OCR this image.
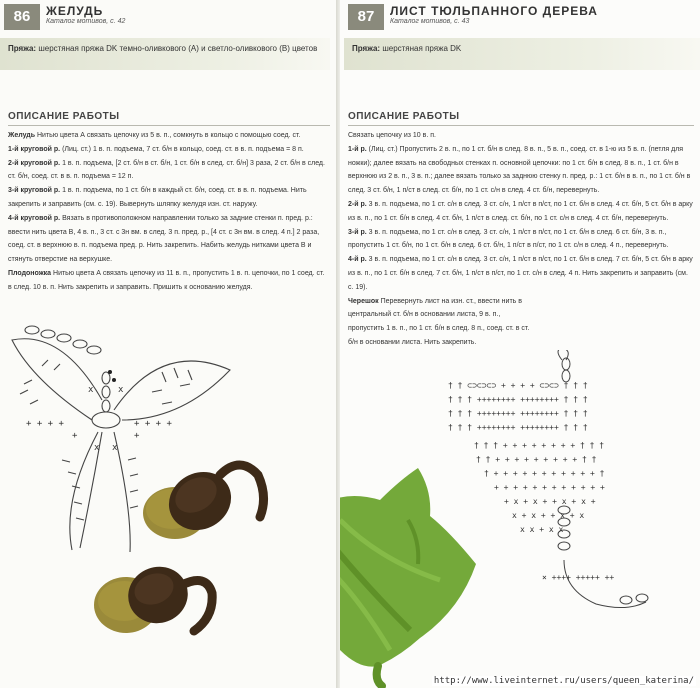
86	ЖЕЛУДЬ
Каталог мотивов, с. 42
Пряжа: шерстяная пряжа DK темно-оливкового (А) и светло-оливкового (В) цветов
ОПИСАНИЕ РАБОТЫ

Желудь Нитью цвета А связать цепочку из 5 в. п., сомкнуть в кольцо с помощью соед. ст.

1-й круговой р. (Лиц. ст.) 1 в. п. подъема, 7 ст. б/н в кольцо, соед. ст. в в. п. подъема = 8 п.

2-й круговой р. 1 в. п. подъема, [2 ст. б/н в ст. б/н, 1 ст. б/н в след. ст. б/н] 3 раза, 2 ст. б/н в след. ст. б/н, соед. ст. в в. п. подъема = 12 п.

3-й круговой р. 1 в. п. подъема, по 1 ст. б/н в каждый ст. б/н, соед. ст. в в. п. подъема. Нить закрепить и заправить (см. с. 19). Вывернуть шляпку желудя изн. ст. наружу.

4-й круговой р. Вязать в противоположном направлении только за задние стенки п. пред. р.: ввести нить цвета В, 4 в. п., 3 ст. с 3н вм. в след. 3 п. пред. р., [4 ст. с 3н вм. в след. 4 п.] 2 раза, соед. ст. в верхнюю в. п. подъема пред. р. Нить закрепить. Набить желудь нитками цвета В и стянуть отверстие на верхушке.

Плодоножка Нитью цвета А связать цепочку из 11 в. п., пропустить 1 в. п. цепочки, по 1 соед. ст. в след. 10 в. п. Нить закрепить и заправить. Пришить к основанию желудя.

+ + + +	+ + + +
x	x
x x
+	+
87	ЛИСТ ТЮЛЬПАННОГО ДЕРЕВА
Каталог мотивов, с. 43
Пряжа: шерстяная пряжа DK
ОПИСАНИЕ РАБОТЫ

Связать цепочку из 10 в. п.

1-й р. (Лиц. ст.) Пропустить 2 в. п., по 1 ст. б/н в след. 8 в. п., 5 в. п., соед. ст. в 1-ю из 5 в. п. (петля для ножки); далее вязать на свободных стенках п. основной цепочки: по 1 ст. б/н в след. 8 в. п., 1 ст. б/н в верхнюю из 2 в. п., 3 в. п.; далее вязать только за заднюю стенку п. пред. р.: 1 ст. б/н в в. п., по 1 ст. б/н в след. 3 ст. б/н, 1 п/ст в след. ст. б/н, по 1 ст. с/н в след. 4 ст. б/н, перевернуть.

2-й р. 3 в. п. подъема, по 1 ст. с/н в след. 3 ст. с/н, 1 п/ст в п/ст, по 1 ст. б/н в след. 4 ст. б/н, 5 ст. б/н в арку из в. п., по 1 ст. б/н в след. 4 ст. б/н, 1 п/ст в след. ст. б/н, по 1 ст. с/н в след. 4 ст. б/н, перевернуть.

3-й р. 3 в. п. подъема, по 1 ст. с/н в след. 3 ст. с/н, 1 п/ст в п/ст, по 1 ст. б/н в след. 6 ст. б/н, 3 в. п., пропустить 1 ст. б/н, по 1 ст. б/н в след. 6 ст. б/н, 1 п/ст в п/ст, по 1 ст. с/н в след. 4 п., перевернуть.

4-й р. 3 в. п. подъема, по 1 ст. с/н в след. 3 ст. с/н, 1 п/ст в п/ст, по 1 ст. б/н в след. 7 ст. б/н, 5 ст. б/н в арку из в. п., по 1 ст. б/н в след. 7 ст. б/н, 1 п/ст в п/ст, по 1 ст. с/н в след. 4 п. Нить закрепить и заправить (см. с. 19).

Черешок Перевернуть лист на изн. ст., ввести нить в центральный ст. б/н в основании листа, 9 в. п., пропустить 1 в. п., по 1 ст. б/н в след. 8 п., соед. ст. в ст. б/н в основании листа. Нить закрепить.

† † ⊂⊃⊂⊃⊂⊃ + + + + ⊂⊃⊂⊃ † † †
† † † ++++++++ ++++++++ † † †
† † † ++++++++ ++++++++ † † †
† † † ++++++++ ++++++++ † † †
† † † + + + + + + + + † † †
† † + + + + + + + + + † †
† + + + + + + + + + + + †
+ + + + + + + + + + + +
+ x + x + + x + x +
x + x + + x + x
x x + x x
× ++++ +++++ ++
http://www.liveinternet.ru/users/queen_katerina/
